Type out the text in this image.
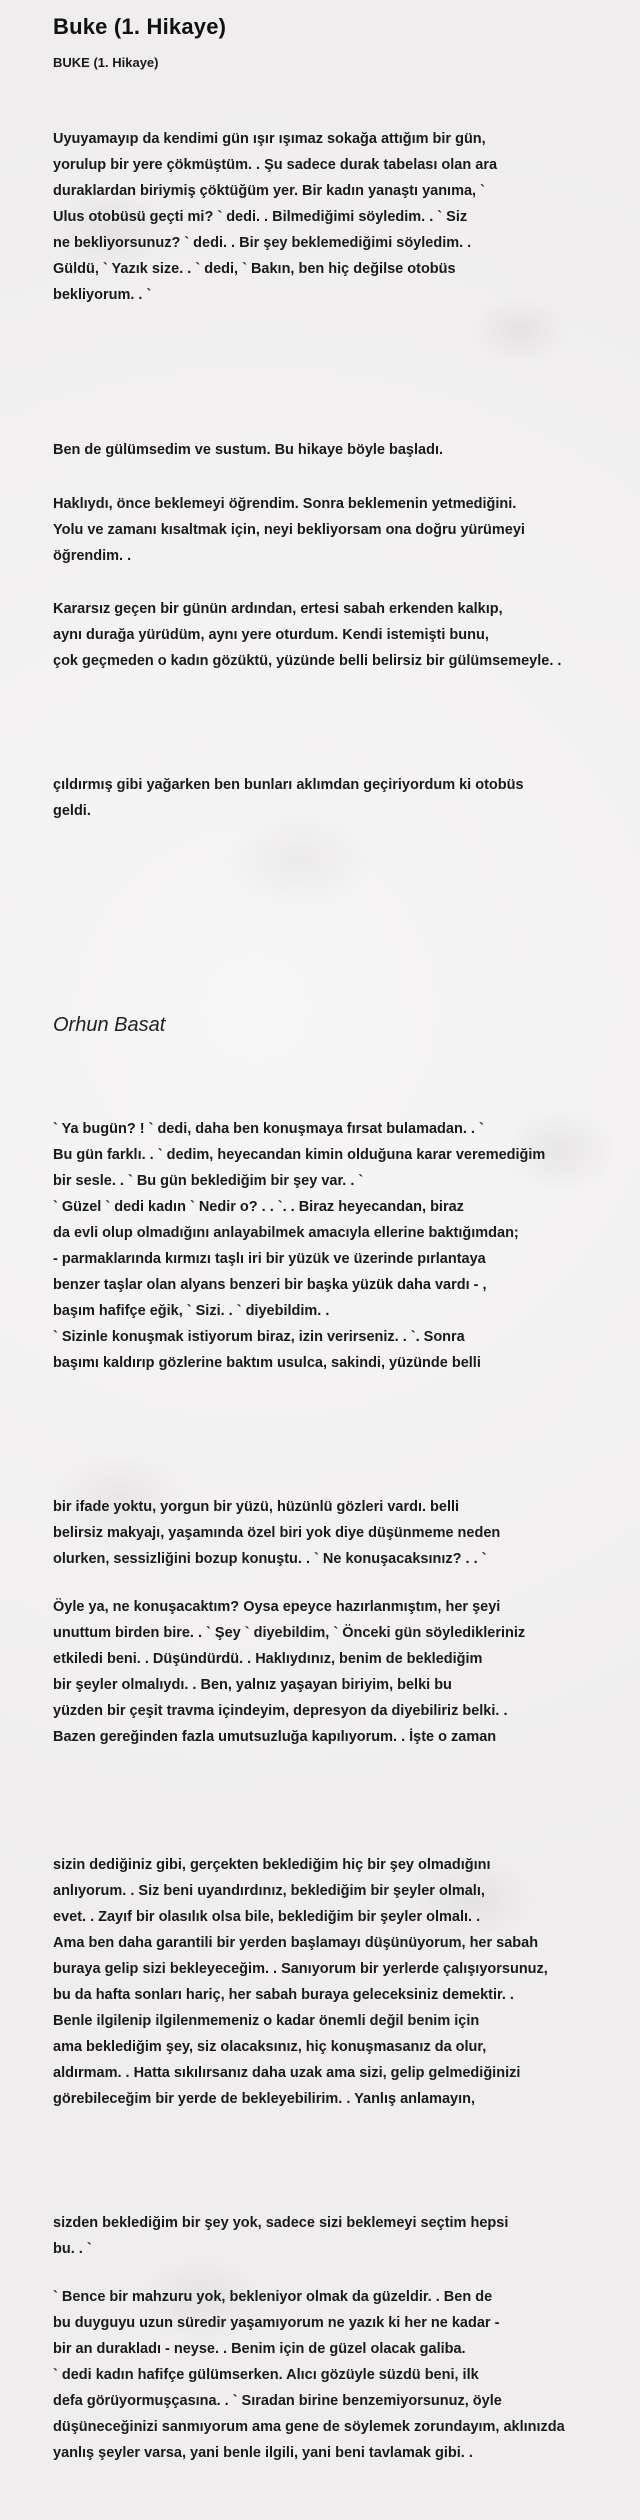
Buke (1. Hikaye)
BUKE (1. Hikaye)

Uyuyamayıp da kendimi gün ışır ışımaz sokağa attığım bir gün,
yorulup bir yere çökmüştüm. . Şu sadece durak tabelası olan ara
duraklardan biriymiş çöktüğüm yer. Bir kadın yanaştı yanıma, `
Ulus otobüsü geçti mi? ` dedi. . Bilmediğimi söyledim. . ` Siz
ne bekliyorsunuz? ` dedi. . Bir şey beklemediğimi söyledim. .
Güldü, ` Yazık size. . ` dedi, ` Bakın, ben hiç değilse otobüs
bekliyorum. . `

Ben de gülümsedim ve sustum. Bu hikaye böyle başladı.

Haklıydı, önce beklemeyi öğrendim. Sonra beklemenin yetmediğini.
Yolu ve zamanı kısaltmak için, neyi bekliyorsam ona doğru yürümeyi
öğrendim. .

Kararsız geçen bir günün ardından, ertesi sabah erkenden kalkıp,
aynı durağa yürüdüm, aynı yere oturdum. Kendi istemişti bunu,
çok geçmeden o kadın gözüktü, yüzünde belli belirsiz bir gülümsemeyle. .

çıldırmış gibi yağarken ben bunları aklımdan geçiriyordum ki otobüs
geldi.

Orhun Basat

` Ya bugün? ! ` dedi, daha ben konuşmaya fırsat bulamadan. . `
Bu gün farklı. . ` dedim, heyecandan kimin olduğuna karar veremediğim
bir sesle. . ` Bu gün beklediğim bir şey var. . `
` Güzel ` dedi kadın ` Nedir o? . . `. . Biraz heyecandan, biraz
da evli olup olmadığını anlayabilmek amacıyla ellerine baktığımdan;
- parmaklarında kırmızı taşlı iri bir yüzük ve üzerinde pırlantaya
benzer taşlar olan alyans benzeri bir başka yüzük daha vardı - ,
başım hafifçe eğik, ` Sizi. . ` diyebildim. .
` Sizinle konuşmak istiyorum biraz, izin verirseniz. . `. Sonra
başımı kaldırıp gözlerine baktım usulca, sakindi, yüzünde belli

bir ifade yoktu, yorgun bir yüzü, hüzünlü gözleri vardı. belli
belirsiz makyajı, yaşamında özel biri yok diye düşünmeme neden
olurken, sessizliğini bozup konuştu. . ` Ne konuşacaksınız? . . `

Öyle ya, ne konuşacaktım? Oysa epeyce hazırlanmıştım, her şeyi
unuttum birden bire. . ` Şey ` diyebildim, ` Önceki gün söyledikleriniz
etkiledi beni. . Düşündürdü. . Haklıydınız, benim de beklediğim
bir şeyler olmalıydı. . Ben, yalnız yaşayan biriyim, belki bu
yüzden bir çeşit travma içindeyim, depresyon da diyebiliriz belki. .
Bazen gereğinden fazla umutsuzluğa kapılıyorum. . İşte o zaman

sizin dediğiniz gibi, gerçekten beklediğim hiç bir şey olmadığını
anlıyorum. . Siz beni uyandırdınız, beklediğim bir şeyler olmalı,
evet. . Zayıf bir olasılık olsa bile, beklediğim bir şeyler olmalı. .
Ama ben daha garantili bir yerden başlamayı düşünüyorum, her sabah
buraya gelip sizi bekleyeceğim. . Sanıyorum bir yerlerde çalışıyorsunuz,
bu da hafta sonları hariç, her sabah buraya geleceksiniz demektir. .
Benle ilgilenip ilgilenmemeniz o kadar önemli değil benim için
ama beklediğim şey, siz olacaksınız, hiç konuşmasanız da olur,
aldırmam. . Hatta sıkılırsanız daha uzak ama sizi, gelip gelmediğinizi
görebileceğim bir yerde de bekleyebilirim. . Yanlış anlamayın,

sizden beklediğim bir şey yok, sadece sizi beklemeyi seçtim hepsi
bu. . `

` Bence bir mahzuru yok, bekleniyor olmak da güzeldir. . Ben de
bu duyguyu uzun süredir yaşamıyorum ne yazık ki her ne kadar -
bir an durakladı - neyse. . Benim için de güzel olacak galiba.
` dedi kadın hafifçe gülümserken. Alıcı gözüyle süzdü beni, ilk
defa görüyormuşçasına. . ` Sıradan birine benzemiyorsunuz, öyle
düşüneceğinizi sanmıyorum ama gene de söylemek zorundayım, aklınızda
yanlış şeyler varsa, yani benle ilgili, yani beni tavlamak gibi. .
